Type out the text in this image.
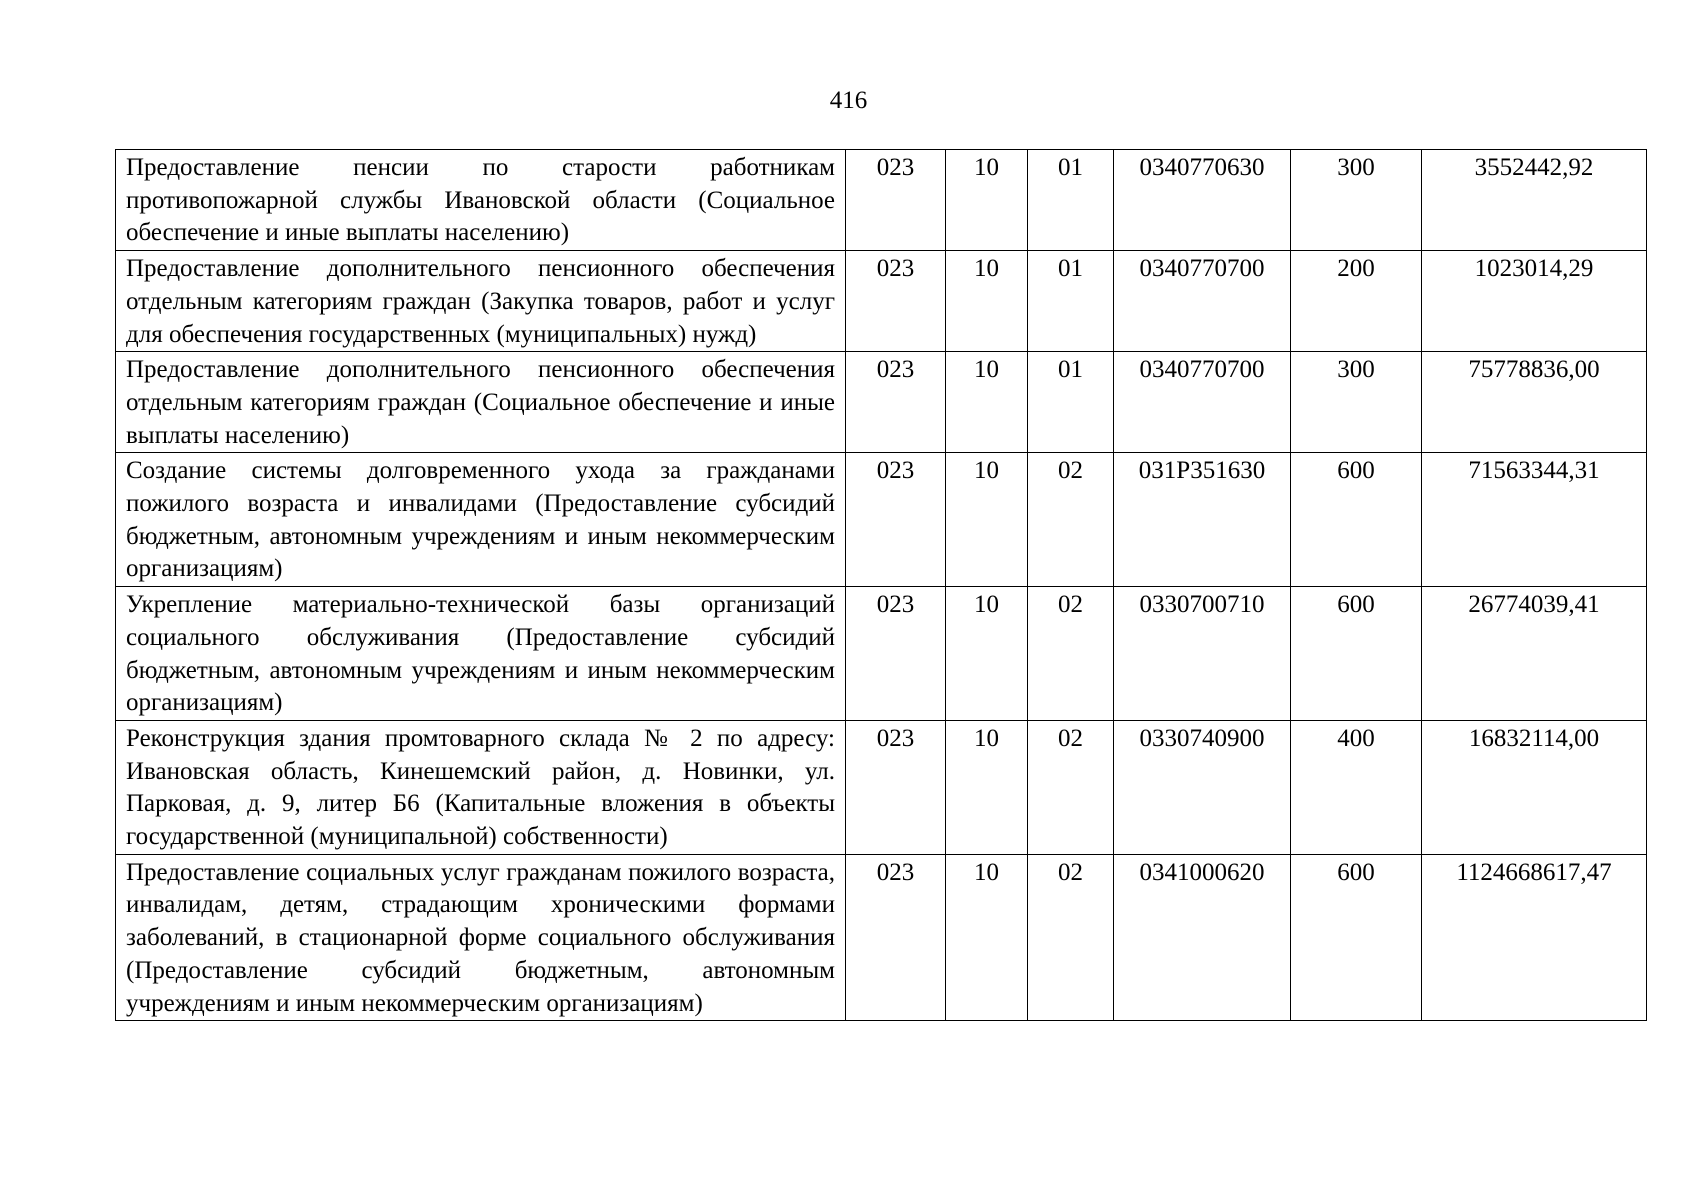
416
Предоставление пенсии по старости работникам противопожарной службы Ивановской области (Социальное обеспечение и иные выплаты населению)	023	10	01	0340770630	300	3552442,92
Предоставление дополнительного пенсионного обеспечения отдельным категориям граждан (Закупка товаров, работ и услуг для обеспечения государственных (муниципальных) нужд)	023	10	01	0340770700	200	1023014,29
Предоставление дополнительного пенсионного обеспечения отдельным категориям граждан (Социальное обеспечение и иные выплаты населению)	023	10	01	0340770700	300	75778836,00
Создание системы долговременного ухода за гражданами пожилого возраста и инвалидами (Предоставление субсидий бюджетным, автономным учреждениям и иным некоммерческим организациям)	023	10	02	031P351630	600	71563344,31
Укрепление материально-технической базы организаций социального обслуживания (Предоставление субсидий бюджетным, автономным учреждениям и иным некоммерческим организациям)	023	10	02	0330700710	600	26774039,41
Реконструкция здания промтоварного склада № 2 по адресу: Ивановская область, Кинешемский район, д. Новинки, ул. Парковая, д. 9, литер Б6 (Капитальные вложения в объекты государственной (муниципальной) собственности)	023	10	02	0330740900	400	16832114,00
Предоставление социальных услуг гражданам пожилого возраста, инвалидам, детям, страдающим хроническими формами заболеваний, в стационарной форме социального обслуживания (Предоставление субсидий бюджетным, автономным учреждениям и иным некоммерческим организациям)	023	10	02	0341000620	600	1124668617,47
